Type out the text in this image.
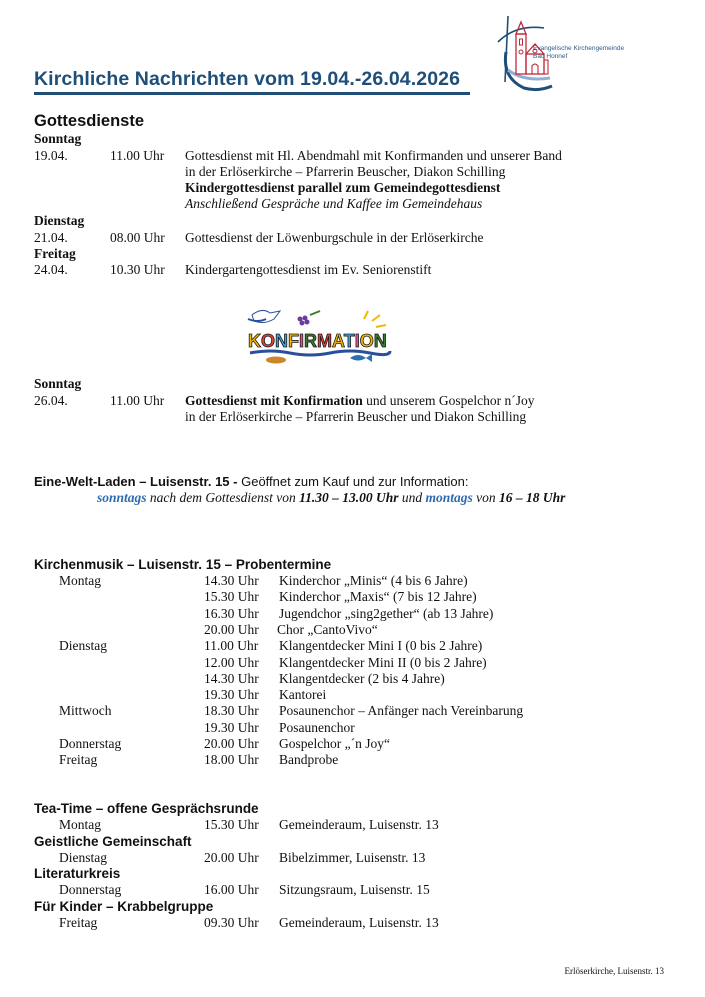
Evangelische Kirchengemeinde
Bad Honnef
Kirchliche Nachrichten vom 19.04.-26.04.2026
Gottesdienste
Sonntag
19.04.	11.00 Uhr Gottesdienst mit Hl. Abendmahl mit Konfirmanden und unserer Band
in der Erlöserkirche – Pfarrerin Beuscher, Diakon Schilling
Kindergottesdienst parallel zum Gemeindegottesdienst
Anschließend Gespräche und Kaffee im Gemeindehaus
Dienstag
21.04.	08.00 Uhr Gottesdienst der Löwenburgschule in der Erlöserkirche
Freitag
24.04.	10.30 Uhr Kindergartengottesdienst im Ev. Seniorenstift
KONFIRMATION
Sonntag
26.04.	11.00 Uhr Gottesdienst mit Konfirmation und unserem Gospelchor n´Joy
in der Erlöserkirche – Pfarrerin Beuscher und Diakon Schilling
Eine-Welt-Laden – Luisenstr. 15 - Geöffnet zum Kauf und zur Information:
sonntags nach dem Gottesdienst von 11.30 – 13.00 Uhr und montags von 16 – 18 Uhr
Kirchenmusik – Luisenstr. 15 – Probentermine
Montag	14.30 Uhr Kinderchor „Minis“ (4 bis 6 Jahre)
15.30 Uhr Kinderchor „Maxis“ (7 bis 12 Jahre)
16.30 Uhr Jugendchor „sing2gether“ (ab 13 Jahre)
20.00 Uhr Chor „CantoVivo“
Dienstag	11.00 Uhr Klangentdecker Mini I (0 bis 2 Jahre)
12.00 Uhr Klangentdecker Mini II (0 bis 2 Jahre)
14.30 Uhr Klangentdecker (2 bis 4 Jahre)
19.30 Uhr Kantorei
Mittwoch	18.30 Uhr Posaunenchor – Anfänger nach Vereinbarung
19.30 Uhr Posaunenchor
Donnerstag	20.00 Uhr Gospelchor „´n Joy“
Freitag	18.00 Uhr Bandprobe
Tea-Time – offene Gesprächsrunde
Montag	15.30 Uhr Gemeinderaum, Luisenstr. 13
Geistliche Gemeinschaft
Dienstag	20.00 Uhr Bibelzimmer, Luisenstr. 13
Literaturkreis
Donnerstag	16.00 Uhr Sitzungsraum, Luisenstr. 15
Für Kinder – Krabbelgruppe
Freitag	09.30 Uhr Gemeinderaum, Luisenstr. 13
Erlöserkirche, Luisenstr. 13
